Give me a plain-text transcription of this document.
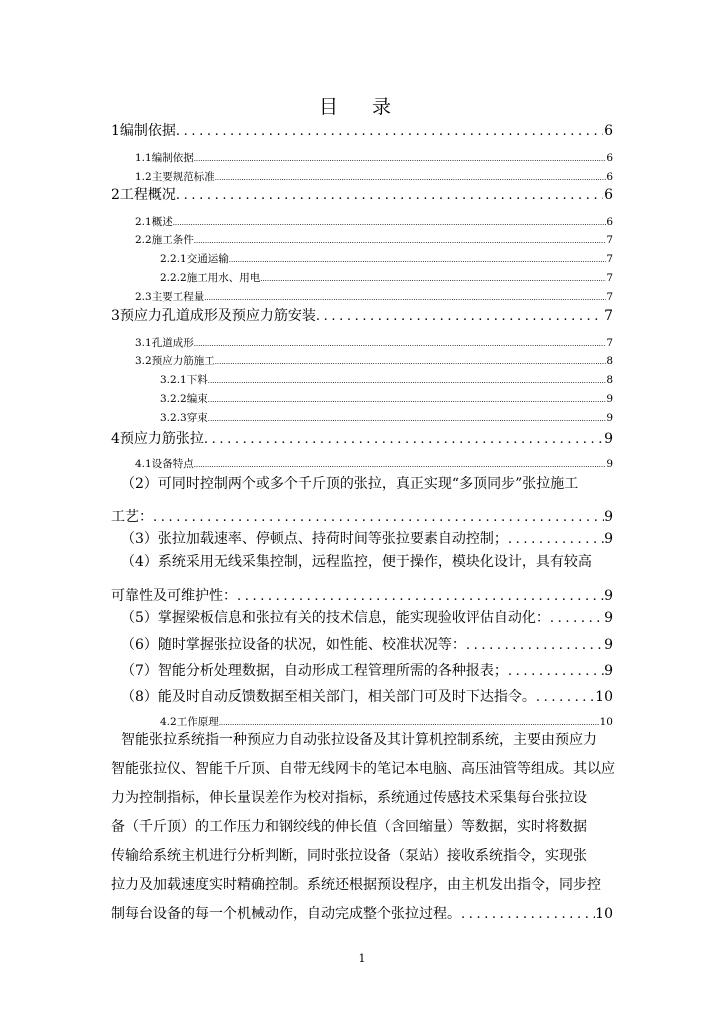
目 录
1 编制依据 .....	6
1.1 编制依据 .....	6
1.2 主要规范标准 .....	6
2 工程概况 .....	6
2.1 概述 .....	6
2.2 施工条件 .....	7
2.2.1 交通运输 .....	7
2.2.2 施工用水、用电 .....	7
2.3 主要工程量 .....	7
3 预应力孔道成形及预应力筋安装 .....	7
3.1 孔道成形 .....	7
3.2 预应力筋施工 .....	8
3.2.1 下料 .....	8
3.2.2 编束 .....	9
3.2.3 穿束 .....	9
4 预应力筋张拉 .....	9
4.1 设备特点 .....	9
（2）可同时控制两个或多个千斤顶的张拉，真正实现“多顶同步”张拉施工
工艺： .....	9
（3）张拉加载速率、停顿点、持荷时间等张拉要素自动控制； .....	9
（4）系统采用无线采集控制，远程监控，便于操作，模块化设计，具有较高
可靠性及可维护性： .....	9
（5）掌握梁板信息和张拉有关的技术信息，能实现验收评估自动化： .....	9
（6）随时掌握张拉设备的状况，如性能、校准状况等： .....	9
（7）智能分析处理数据，自动形成工程管理所需的各种报表； .....	9
（8）能及时自动反馈数据至相关部门，相关部门可及时下达指令。 .....	10
4.2 工作原理 .....	10
智能张拉系统指一种预应力自动张拉设备及其计算机控制系统，主要由预应力
智能张拉仪、智能千斤顶、自带无线网卡的笔记本电脑、高压油管等组成。其以应
力为控制指标，伸长量误差作为校对指标，系统通过传感技术采集每台张拉设
备（千斤顶）的工作压力和钢绞线的伸长值（含回缩量）等数据，实时将数据
传输给系统主机进行分析判断，同时张拉设备（泵站）接收系统指令，实现张
拉力及加载速度实时精确控制。系统还根据预设程序，由主机发出指令，同步控
制每台设备的每一个机械动作，自动完成整个张拉过程。 .....	10
1
